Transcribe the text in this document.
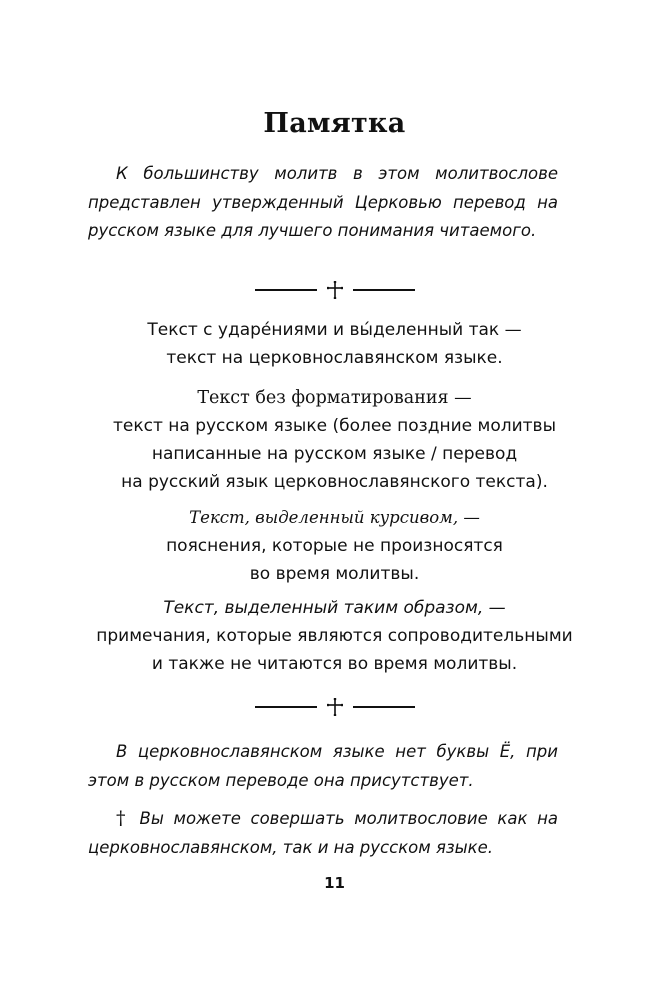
Памятка

К большинству молитв в этом молитвослове представлен утвержденный Церковью перевод на русском языке для лучшего понимания читаемого.

Текст с ударе́ниями и вы́деленный так —
текст на церковнославянском языке.

Текст без форматирования —
текст на русском языке (более поздние молитвы
написанные на русском языке / перевод
на русский язык церковнославянского текста).

Текст, выделенный курсивом, —
пояснения, которые не произносятся
во время молитвы.

Текст, выделенный таким образом, —
примечания, которые являются сопроводительными
и также не читаются во время молитвы.

В церковнославянском языке нет буквы Ё, при этом в русском переводе она присутствует.

† Вы можете совершать молитвословие как на церковнославянском, так и на русском языке.

11
